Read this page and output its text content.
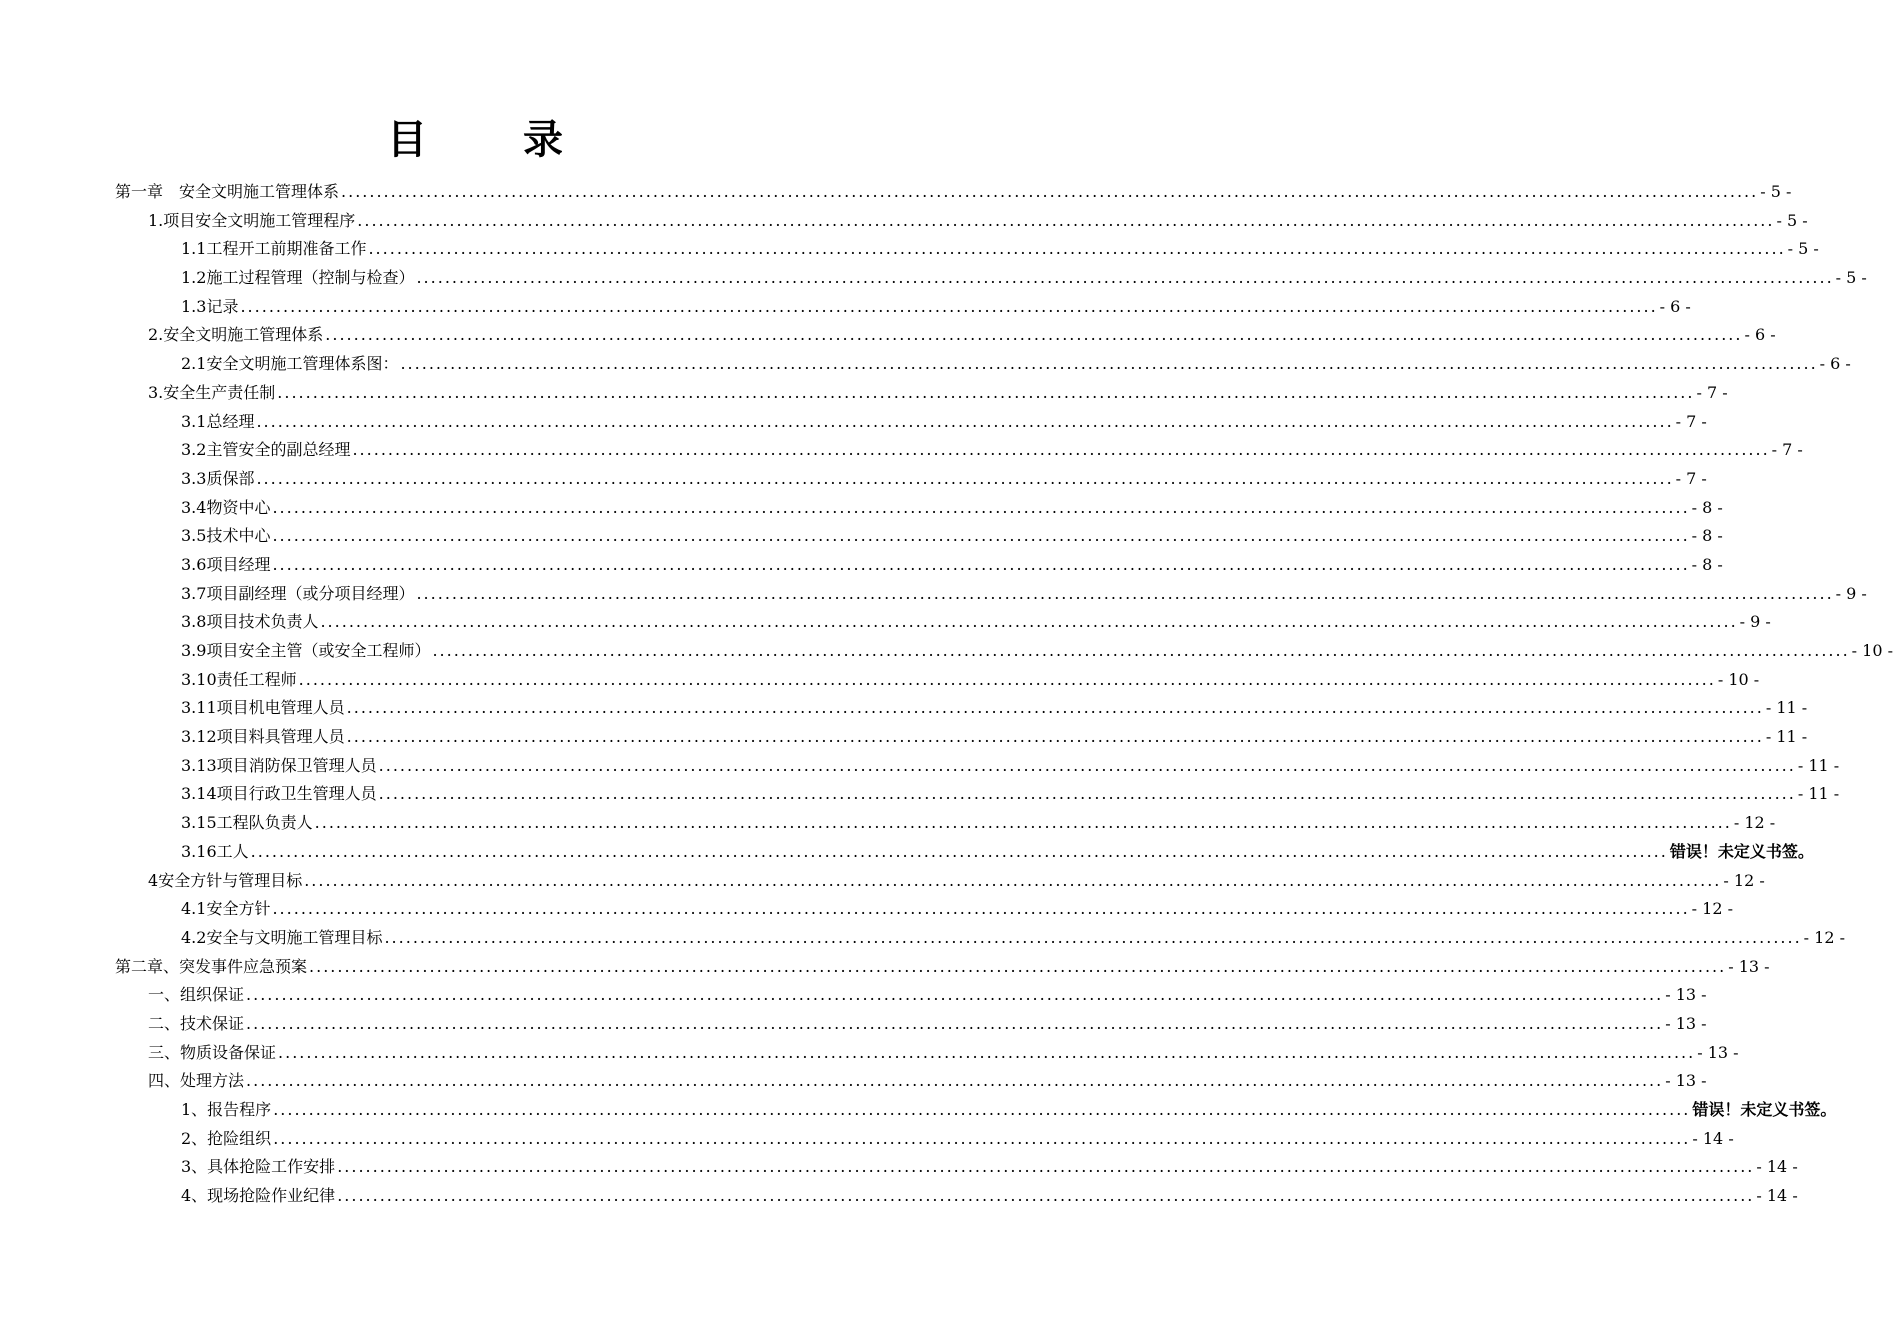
目 录
第一章　 安全文明施工管理体系 ........................................................................................................................................................................................................ - 5 -
1. 项目安全文明施工管理程序 ........................................................................................................................................................................................................ - 5 -
1.1 工程开工前期准备工作 ........................................................................................................................................................................................................ - 5 -
1.2 施工过程管理（控制与检查） ........................................................................................................................................................................................................ - 5 -
1.3 记录 ........................................................................................................................................................................................................ - 6 -
2. 安全文明施工管理体系 ........................................................................................................................................................................................................ - 6 -
2.1 安全文明施工管理体系图： ........................................................................................................................................................................................................ - 6 -
3. 安全生产责任制 ........................................................................................................................................................................................................ - 7 -
3.1 总经理 ........................................................................................................................................................................................................ - 7 -
3.2 主管安全的副总经理 ........................................................................................................................................................................................................ - 7 -
3.3 质保部 ........................................................................................................................................................................................................ - 7 -
3.4 物资中心 ........................................................................................................................................................................................................ - 8 -
3.5 技术中心 ........................................................................................................................................................................................................ - 8 -
3.6 项目经理 ........................................................................................................................................................................................................ - 8 -
3.7 项目副经理（或分项目经理） ........................................................................................................................................................................................................ - 9 -
3.8 项目技术负责人 ........................................................................................................................................................................................................ - 9 -
3.9 项目安全主管（或安全工程师） ........................................................................................................................................................................................................ - 10 -
3.10 责任工程师 ........................................................................................................................................................................................................ - 10 -
3.11 项目机电管理人员 ........................................................................................................................................................................................................ - 11 -
3.12 项目料具管理人员 ........................................................................................................................................................................................................ - 11 -
3.13 项目消防保卫管理人员 ........................................................................................................................................................................................................ - 11 -
3.14 项目行政卫生管理人员 ........................................................................................................................................................................................................ - 11 -
3.15 工程队负责人 ........................................................................................................................................................................................................ - 12 -
3.16 工人 ........................................................................................................................................................................................................ 错误！未定义书签。
4 安全方针与管理目标 ........................................................................................................................................................................................................ - 12 -
4.1 安全方针 ........................................................................................................................................................................................................ - 12 -
4.2 安全与文明施工管理目标 ........................................................................................................................................................................................................ - 12 -
第二章、突发事件应急预案 ........................................................................................................................................................................................................ - 13 -
一、组织保证 ........................................................................................................................................................................................................ - 13 -
二、技术保证 ........................................................................................................................................................................................................ - 13 -
三、物质设备保证 ........................................................................................................................................................................................................ - 13 -
四、处理方法 ........................................................................................................................................................................................................ - 13 -
1、报告程序 ........................................................................................................................................................................................................ 错误！未定义书签。
2、抢险组织 ........................................................................................................................................................................................................ - 14 -
3、具体抢险工作安排 ........................................................................................................................................................................................................ - 14 -
4、现场抢险作业纪律 ........................................................................................................................................................................................................ - 14 -
